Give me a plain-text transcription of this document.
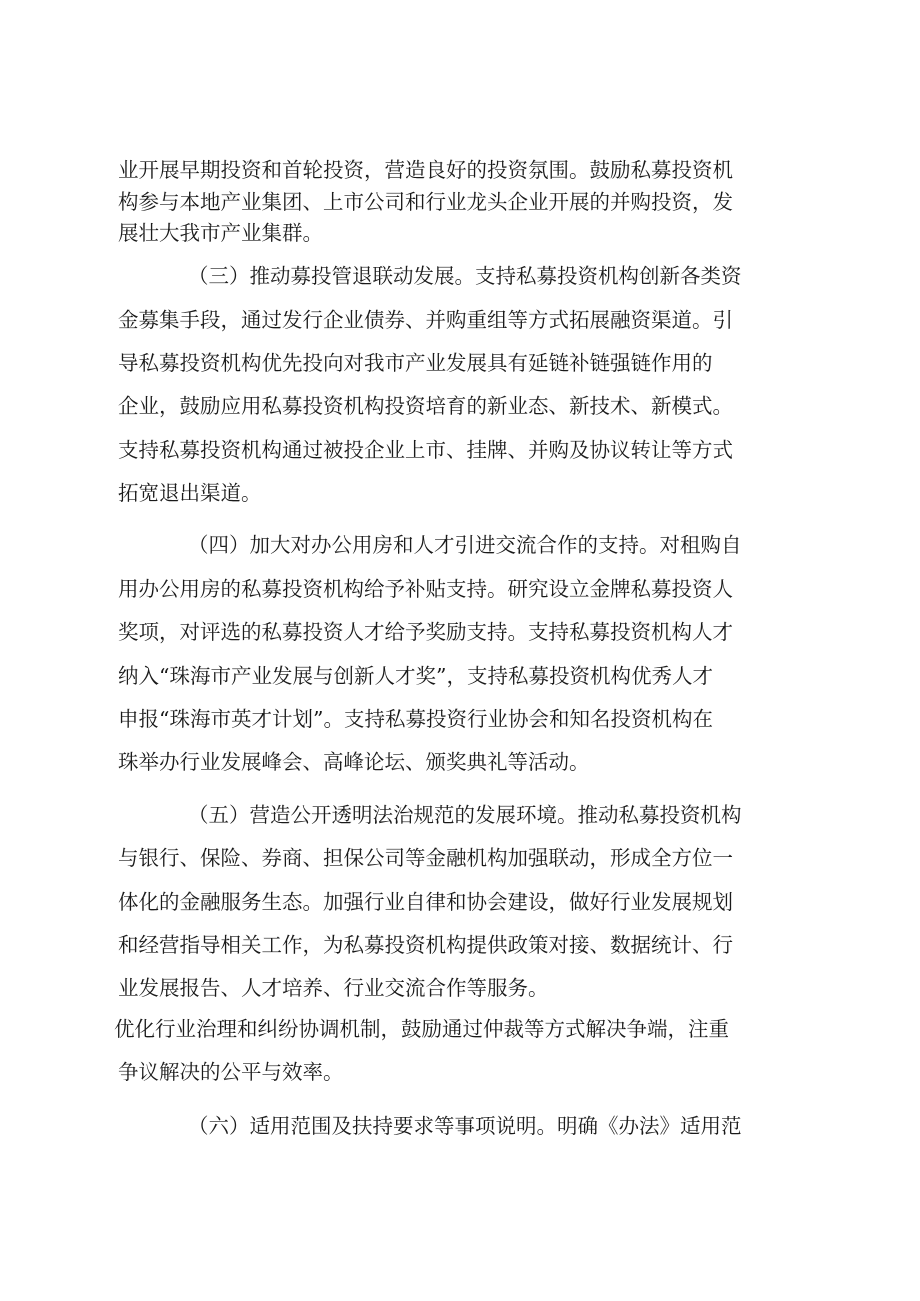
业开展早期投资和首轮投资，营造良好的投资氛围。鼓励私募投资机
构参与本地产业集团、上市公司和行业龙头企业开展的并购投资，发
展壮大我市产业集群。
（三）推动募投管退联动发展。支持私募投资机构创新各类资
金募集手段，通过发行企业债券、并购重组等方式拓展融资渠道。引
导私募投资机构优先投向对我市产业发展具有延链补链强链作用的
企业，鼓励应用私募投资机构投资培育的新业态、新技术、新模式。
支持私募投资机构通过被投企业上市、挂牌、并购及协议转让等方式
拓宽退出渠道。
（四）加大对办公用房和人才引进交流合作的支持。对租购自
用办公用房的私募投资机构给予补贴支持。研究设立金牌私募投资人
奖项，对评选的私募投资人才给予奖励支持。支持私募投资机构人才
纳入“珠海市产业发展与创新人才奖”，支持私募投资机构优秀人才
申报“珠海市英才计划”。支持私募投资行业协会和知名投资机构在
珠举办行业发展峰会、高峰论坛、颁奖典礼等活动。
（五）营造公开透明法治规范的发展环境。推动私募投资机构
与银行、保险、券商、担保公司等金融机构加强联动，形成全方位一
体化的金融服务生态。加强行业自律和协会建设，做好行业发展规划
和经营指导相关工作，为私募投资机构提供政策对接、数据统计、行
业发展报告、人才培养、行业交流合作等服务。
优化行业治理和纠纷协调机制，鼓励通过仲裁等方式解决争端，注重
争议解决的公平与效率。
（六）适用范围及扶持要求等事项说明。明确《办法》适用范
